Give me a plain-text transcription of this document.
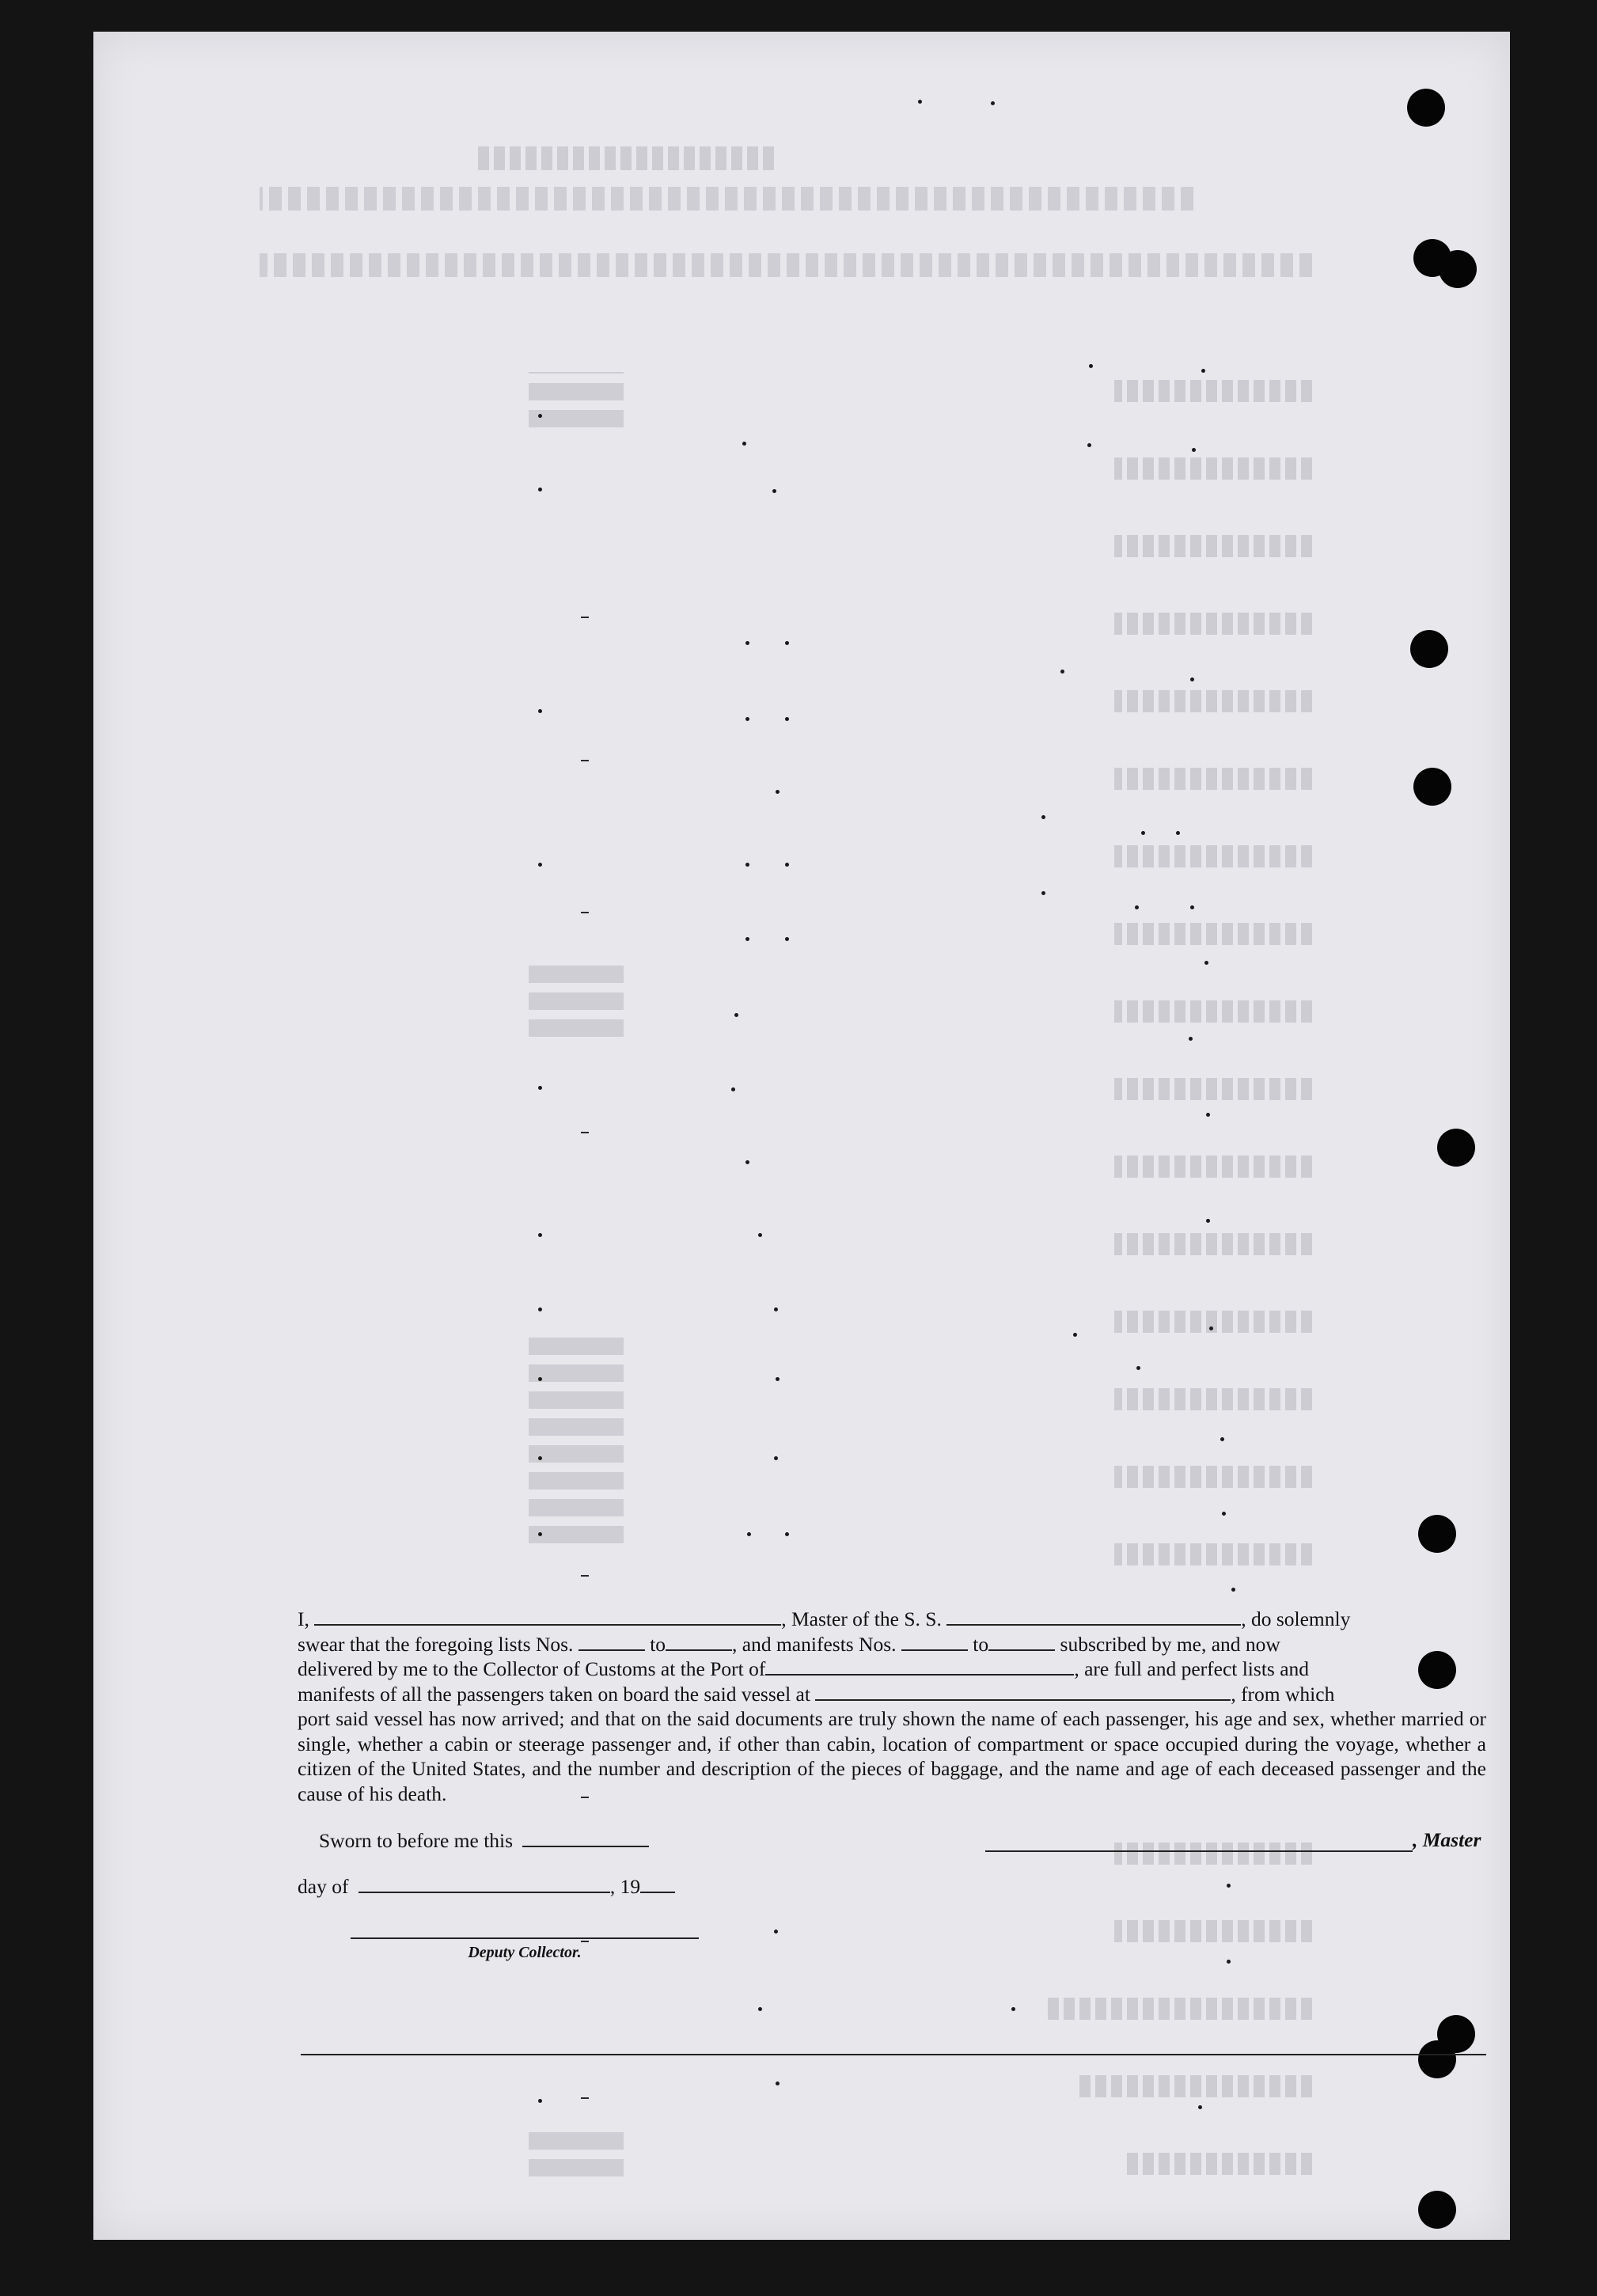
I,	, Master of the S. S.	, do solemnly

swear that the foregoing lists Nos.	to	, and manifests Nos.	to	subscribed by me, and now

delivered by me to the Collector of Customs at the Port of	, are full and perfect lists and

manifests of all the passengers taken on board the said vessel at	, from which

port said vessel has now arrived; and that on the said documents are truly shown the name of each passenger, his age and sex, whether married or single, whether a cabin or steerage passenger and, if other than cabin, location of compartment or space occupied during the voyage, whether a citizen of the United States, and the number and description of the pieces of baggage, and the name and age of each deceased passenger and the cause of his death.

Sworn to before me this	, Master
day of	, 19
Deputy Collector.
